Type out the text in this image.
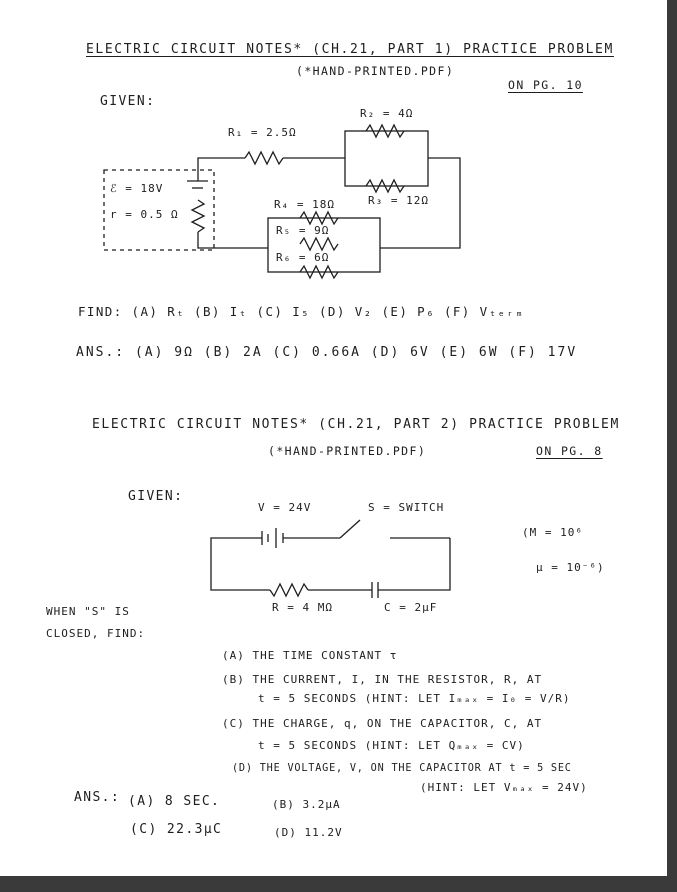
ELECTRIC CIRCUIT NOTES* (CH.21, PART 1) PRACTICE PROBLEM
(*HAND-PRINTED.PDF)
ON PG. 10
GIVEN:
ℰ = 18V
r = 0.5 Ω
R₁ = 2.5Ω
R₂ = 4Ω
R₃ = 12Ω
R₄ = 18Ω
R₅ = 9Ω
R₆ = 6Ω
FIND: (A) Rₜ (B) Iₜ (C) I₅ (D) V₂ (E) P₆ (F) Vₜₑᵣₘ
ANS.: (A) 9Ω (B) 2A (C) 0.66A (D) 6V (E) 6W (F) 17V
ELECTRIC CIRCUIT NOTES* (CH.21, PART 2) PRACTICE PROBLEM
(*HAND-PRINTED.PDF)	ON PG. 8
GIVEN:
V = 24V	S = SWITCH
R = 4 MΩ	C = 2μF
(M = 10⁶
μ = 10⁻⁶)
WHEN "S" IS
CLOSED, FIND:
(A) THE TIME CONSTANT τ
(B) THE CURRENT, I, IN THE RESISTOR, R, AT
t = 5 SECONDS (HINT: LET Iₘₐₓ = I₀ = V/R)
(C) THE CHARGE, q, ON THE CAPACITOR, C, AT
t = 5 SECONDS (HINT: LET Qₘₐₓ = CV)
(D) THE VOLTAGE, V, ON THE CAPACITOR AT t = 5 SEC
(HINT: LET Vₘₐₓ = 24V)
ANS.: (A) 8 SEC.	(B) 3.2μA
(C) 22.3μC	(D) 11.2V
